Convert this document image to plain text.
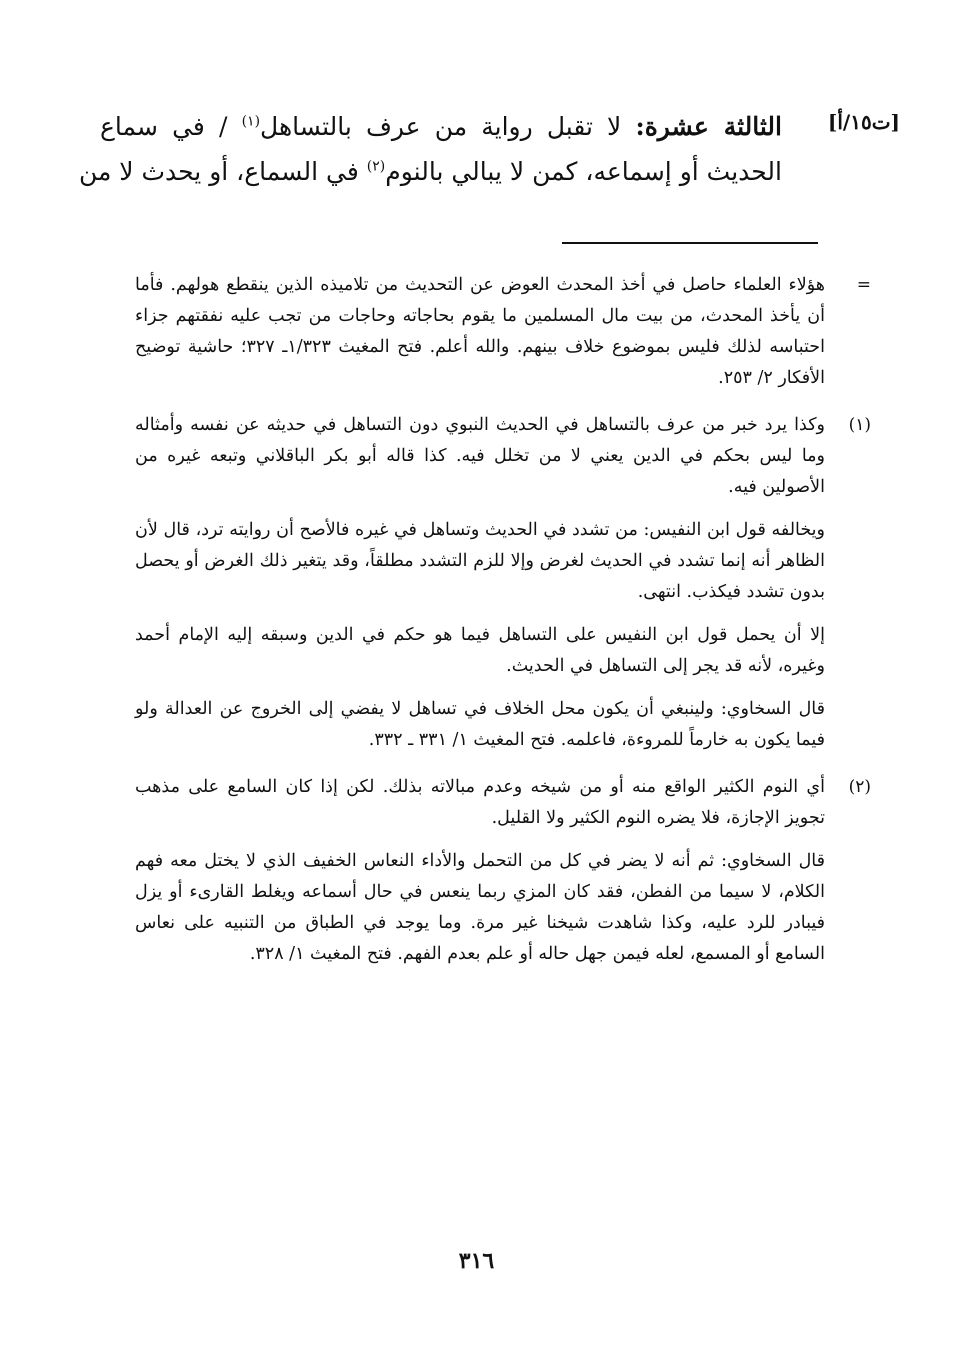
[ت١٥/أ]
الثالثة عشرة: لا تقبل رواية من عرف بالتساهل$^{(١)}$ / في سماع
الحديث أو إسماعه، كمن لا يبالي بالنوم$^{(٢)}$ في السماع، أو يحدث لا من
=

هؤلاء العلماء حاصل في أخذ المحدث العوض عن التحديث من تلاميذه الذين ينقطع هولهم. فأما أن يأخذ المحدث، من بيت مال المسلمين ما يقوم بحاجاته وحاجات من تجب عليه نفقتهم جزاء احتباسه لذلك فليس بموضوع خلاف بينهم. والله أعلم. فتح المغيث ١/٣٢٣ـ ٣٢٧؛ حاشية توضيح الأفكار ٢/ ٢٥٣.

(١)

وكذا يرد خبر من عرف بالتساهل في الحديث النبوي دون التساهل في حديثه عن نفسه وأمثاله وما ليس بحكم في الدين يعني لا من تخلل فيه. كذا قاله أبو بكر الباقلاني وتبعه غيره من الأصولين فيه.

ويخالفه قول ابن النفيس: من تشدد في الحديث وتساهل في غيره فالأصح أن روايته ترد، قال لأن الظاهر أنه إنما تشدد في الحديث لغرض وإلا للزم التشدد مطلقاً، وقد يتغير ذلك الغرض أو يحصل بدون تشدد فيكذب. انتهى.

إلا أن يحمل قول ابن النفيس على التساهل فيما هو حكم في الدين وسبقه إليه الإمام أحمد وغيره، لأنه قد يجر إلى التساهل في الحديث.

قال السخاوي: ولينبغي أن يكون محل الخلاف في تساهل لا يفضي إلى الخروج عن العدالة ولو فيما يكون به خارماً للمروءة، فاعلمه. فتح المغيث ١/ ٣٣١ ـ ٣٣٢.

(٢)

أي النوم الكثير الواقع منه أو من شيخه وعدم مبالاته بذلك. لكن إذا كان السامع على مذهب تجويز الإجازة، فلا يضره النوم الكثير ولا القليل.

قال السخاوي: ثم أنه لا يضر في كل من التحمل والأداء النعاس الخفيف الذي لا يختل معه فهم الكلام، لا سيما من الفطن، فقد كان المزي ربما ينعس في حال أسماعه ويغلط القارىء أو يزل فيبادر للرد عليه، وكذا شاهدت شيخنا غير مرة. وما يوجد في الطباق من التنبيه على نعاس السامع أو المسمع، لعله فيمن جهل حاله أو علم بعدم الفهم. فتح المغيث ١/ ٣٢٨.

٣١٦
